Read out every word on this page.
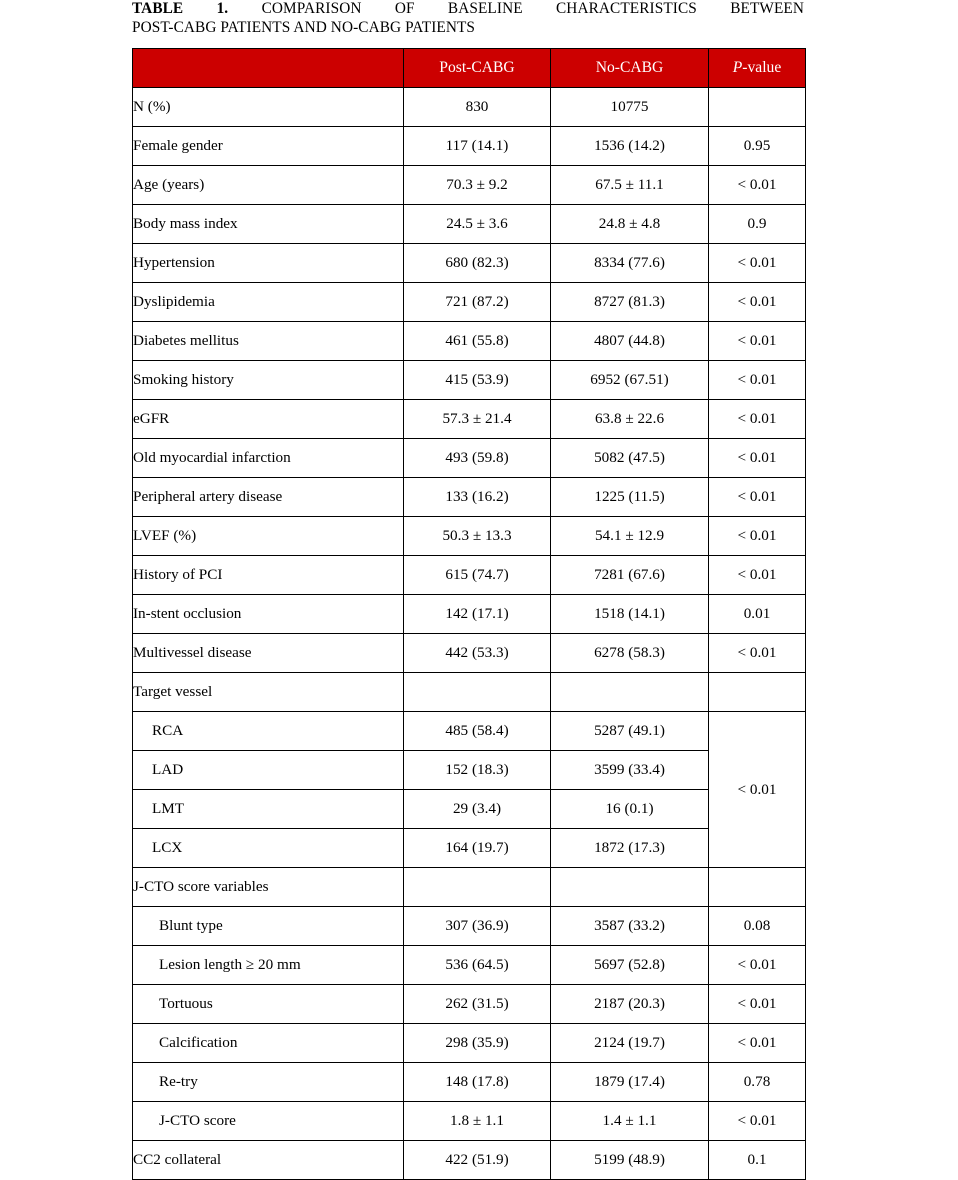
TABLE 1. COMPARISON OF BASELINE CHARACTERISTICS BETWEEN
POST-CABG PATIENTS AND NO-CABG PATIENTS
	Post-CABG	No-CABG	P-value
N (%)	830	10775	
Female gender	117 (14.1)	1536 (14.2)	0.95
Age (years)	70.3 ± 9.2	67.5 ± 11.1	< 0.01
Body mass index	24.5 ± 3.6	24.8 ± 4.8	0.9
Hypertension	680 (82.3)	8334 (77.6)	< 0.01
Dyslipidemia	721 (87.2)	8727 (81.3)	< 0.01
Diabetes mellitus	461 (55.8)	4807 (44.8)	< 0.01
Smoking history	415 (53.9)	6952 (67.51)	< 0.01
eGFR	57.3 ± 21.4	63.8 ± 22.6	< 0.01
Old myocardial infarction	493 (59.8)	5082 (47.5)	< 0.01
Peripheral artery disease	133 (16.2)	1225 (11.5)	< 0.01
LVEF (%)	50.3 ± 13.3	54.1 ± 12.9	< 0.01
History of PCI	615 (74.7)	7281 (67.6)	< 0.01
In-stent occlusion	142 (17.1)	1518 (14.1)	0.01
Multivessel disease	442 (53.3)	6278 (58.3)	< 0.01
Target vessel			
RCA	485 (58.4)	5287 (49.1)	< 0.01
LAD	152 (18.3)	3599 (33.4)	
LMT	29 (3.4)	16 (0.1)	
LCX	164 (19.7)	1872 (17.3)	
J-CTO score variables			
Blunt type	307 (36.9)	3587 (33.2)	0.08
Lesion length ≥ 20 mm	536 (64.5)	5697 (52.8)	< 0.01
Tortuous	262 (31.5)	2187 (20.3)	< 0.01
Calcification	298 (35.9)	2124 (19.7)	< 0.01
Re-try	148 (17.8)	1879 (17.4)	0.78
J-CTO score	1.8 ± 1.1	1.4 ± 1.1	< 0.01
CC2 collateral	422 (51.9)	5199 (48.9)	0.1
